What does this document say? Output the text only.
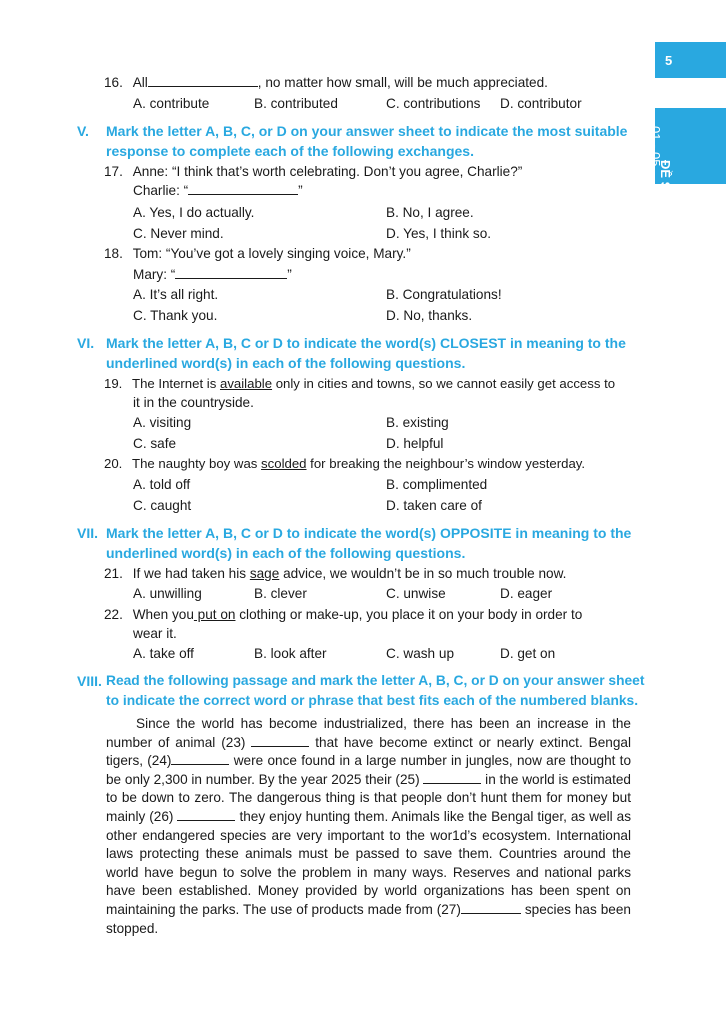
5
ĐỀ SỐ
01 - 05
16. All	, no matter how small, will be much appreciated.
A. contribute	B. contributed	C. contributions D. contributor
V. Mark the letter A, B, C, or D on your answer sheet to indicate the most suitable
response to complete each of the following exchanges.
17. Anne: “I think that’s worth celebrating. Don’t you agree, Charlie?”
Charlie: “	”
A. Yes, I do actually.	B. No, I agree.
C. Never mind.	D. Yes, I think so.
18. Tom: “You’ve got a lovely singing voice, Mary.”
Mary: “	”
A. It’s all right.	B. Congratulations!
C. Thank you.	D. No, thanks.
VI. Mark the letter A, B, C or D to indicate the word(s) CLOSEST in meaning to the
underlined word(s) in each of the following questions.
19. The Internet is available only in cities and towns, so we cannot easily get access to
it in the countryside.
A. visiting	B. existing
C. safe	D. helpful
20. The naughty boy was scolded for breaking the neighbour’s window yesterday.
A. told off	B. complimented
C. caught	D. taken care of
VII. Mark the letter A, B, C or D to indicate the word(s) OPPOSITE in meaning to the
underlined word(s) in each of the following questions.
21. If we had taken his sage advice, we wouldn’t be in so much trouble now.
A. unwilling	B. clever	C. unwise	D. eager
22. When you put on clothing or make-up, you place it on your body in order to
wear it.
A. take off	B. look after	C. wash up	D. get on
VIII. Read the following passage and mark the letter A, B, C, or D on your answer sheet
to indicate the correct word or phrase that best fits each of the numbered blanks.

Since the world has become industrialized, there has been an increase in the number of animal (23)	that have become extinct or nearly extinct. Bengal tigers, (24)	were once found in a large number in jungles, now are thought to be only 2,300 in number. By the year 2025 their (25)	in the world is estimated to be down to zero. The dangerous thing is that people don’t hunt them for money but mainly (26)	they enjoy hunting them. Animals like the Bengal tiger, as well as other endangered species are very important to the wor1d’s ecosystem. International laws protecting these animals must be passed to save them. Countries around the world have begun to solve the problem in many ways. Reserves and national parks have been established. Money provided by world organizations has been spent on maintaining the parks. The use of products made from (27)	species has been stopped.
